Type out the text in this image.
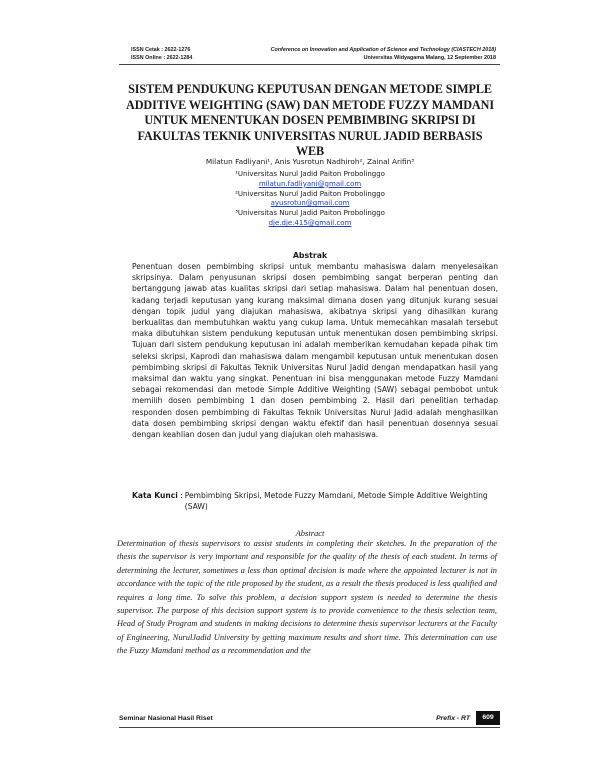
ISSN Cetak : 2622-1276
ISSN Online : 2622-1284
Conference on Innovation and Application of Science and Technology (CIASTECH 2018)
Universitas Widyagama Malang, 12 September 2018
SISTEM PENDUKUNG KEPUTUSAN DENGAN METODE SIMPLE ADDITIVE WEIGHTING (SAW) DAN METODE FUZZY MAMDANI UNTUK MENENTUKAN DOSEN PEMBIMBING SKRIPSI DI FAKULTAS TEKNIK UNIVERSITAS NURUL JADID BERBASIS WEB
Milatun Fadliyani¹, Anis Yusrotun Nadhiroh², Zainal Arifin³
¹Universitas Nurul Jadid Paiton Probolinggo
milatun.fadliyani@gmail.com
²Universitas Nurul Jadid Paiton Probolinggo
ayusrotun@gmail.com
³Universitas Nurul Jadid Paiton Probolinggo
dje.dje.415@gmail.com
Abstrak
Penentuan dosen pembimbing skripsi untuk membantu mahasiswa dalam menyelesaikan skripsinya. Dalam penyusunan skripsi dosen pembimbing sangat berperan penting dan bertanggung jawab atas kualitas skripsi dari setiap mahasiswa. Dalam hal penentuan dosen, kadang terjadi keputusan yang kurang maksimal dimana dosen yang ditunjuk kurang sesuai dengan topik judul yang diajukan mahasiswa, akibatnya skripsi yang dihasilkan kurang berkualitas dan membutuhkan waktu yang cukup lama. Untuk memecahkan masalah tersebut maka dibutuhkan sistem pendukung keputusan untuk menentukan dosen pembimbing skripsi. Tujuan dari sistem pendukung keputusan ini adalah memberikan kemudahan kepada pihak tim seleksi skripsi, Kaprodi dan mahasiswa dalam mengambil keputusan untuk menentukan dosen pembimbing skripsi di Fakultas Teknik Universitas Nurul Jadid dengan mendapatkan hasil yang maksimal dan waktu yang singkat. Penentuan ini bisa menggunakan metode Fuzzy Mamdani sebagai rekomendasi dan metode Simple Additive Weighting (SAW) sebagai pembobot untuk memilih dosen pembimbing 1 dan dosen pembimbing 2. Hasil dari penelitian terhadap responden dosen pembimbing di Fakultas Teknik Universitas Nurul Jadid adalah menghasilkan data dosen pembimbing skripsi dengan waktu efektif dan hasil penentuan dosennya sesuai dengan keahlian dosen dan judul yang diajukan oleh mahasiswa.
Kata Kunci : Pembimbing Skripsi, Metode Fuzzy Mamdani, Metode Simple Additive Weighting (SAW)
Abstract
Determination of thesis supervisors to assist students in completing their sketches. In the preparation of the thesis the supervisor is very important and responsible for the quality of the thesis of each student. In terms of determining the lecturer, sometimes a less than optimal decision is made where the appointed lecturer is not in accordance with the topic of the title proposed by the student, as a result the thesis produced is less qualified and requires a long time. To solve this problem, a decision support system is needed to determine the thesis supervisor. The purpose of this decision support system is to provide convenience to the thesis selection team, Head of Study Program and students in making decisions to determine thesis supervisor lecturers at the Faculty of Engineering, NurulJadid University by getting maximum results and short time. This determination can use the Fuzzy Mamdani method as a recommendation and the
Seminar Nasional Hasil Riset	Prefix - RT	609
